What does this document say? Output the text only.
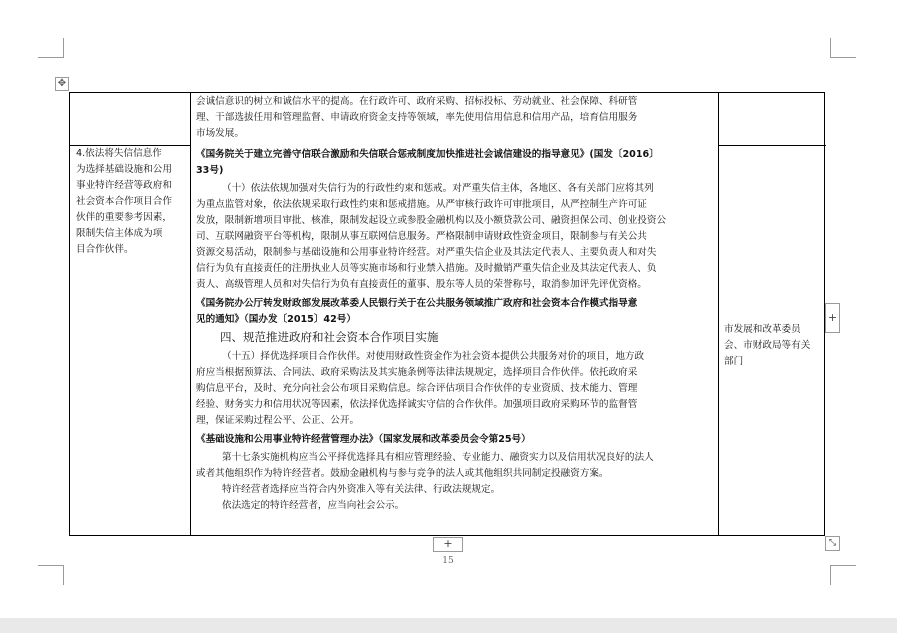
✥

会诚信意识的树立和诚信水平的提高。在行政许可、政府采购、招标投标、劳动就业、社会保障、科研管

理、干部选拔任用和管理监督、申请政府资金支持等领域，率先使用信用信息和信用产品，培育信用服务

市场发展。

4.依法将失信信息作

为选择基础设施和公用

事业特许经营等政府和

社会资本合作项目合作

伙伴的重要参考因素，

限制失信主体成为项

目合作伙伴。

《国务院关于建立完善守信联合激励和失信联合惩戒制度加快推进社会诚信建设的指导意见》(国发〔2016〕

33号)

（十）依法依规加强对失信行为的行政性约束和惩戒。对严重失信主体，各地区、各有关部门应将其列

为重点监管对象，依法依规采取行政性约束和惩戒措施。从严审核行政许可审批项目，从严控制生产许可证

发放，限制新增项目审批、核准，限制发起设立或参股金融机构以及小额贷款公司、融资担保公司、创业投资公

司、互联网融资平台等机构，限制从事互联网信息服务。严格限制申请财政性资金项目，限制参与有关公共

资源交易活动，限制参与基础设施和公用事业特许经营。对严重失信企业及其法定代表人、主要负责人和对失

信行为负有直接责任的注册执业人员等实施市场和行业禁入措施。及时撤销严重失信企业及其法定代表人、负

责人、高级管理人员和对失信行为负有直接责任的董事、股东等人员的荣誉称号，取消参加评先评优资格。

《国务院办公厅转发财政部发展改革委人民银行关于在公共服务领域推广政府和社会资本合作模式指导意

见的通知》（国办发〔2015〕42号）

四、规范推进政府和社会资本合作项目实施

（十五）择优选择项目合作伙伴。对使用财政性资金作为社会资本提供公共服务对价的项目，地方政

府应当根据预算法、合同法、政府采购法及其实施条例等法律法规规定，选择项目合作伙伴。依托政府采

购信息平台，及时、充分向社会公布项目采购信息。综合评估项目合作伙伴的专业资质、技术能力、管理

经验、财务实力和信用状况等因素，依法择优选择诚实守信的合作伙伴。加强项目政府采购环节的监督管

理，保证采购过程公平、公正、公开。

《基础设施和公用事业特许经营管理办法》（国家发展和改革委员会令第25号）

第十七条实施机构应当公平择优选择具有相应管理经验、专业能力、融资实力以及信用状况良好的法人

或者其他组织作为特许经营者。鼓励金融机构与参与竞争的法人或其他组织共同制定投融资方案。

特许经营者选择应当符合内外资准入等有关法律、行政法规规定。

依法选定的特许经营者，应当向社会公示。

市发展和改革委员

会、市财政局等有关

部门

+
+	⤡
15
